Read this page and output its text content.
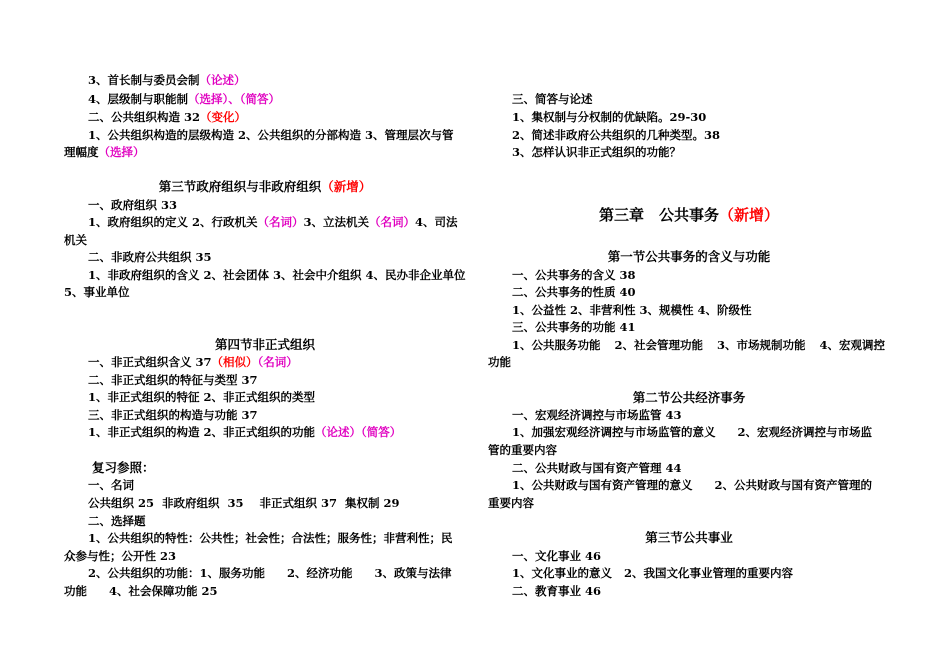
3、首长制与委员会制（论述）
4、层级制与职能制（选择）、（简答）
二、公共组织构造 32（变化）
1、公共组织构造的层级构造 2、公共组织的分部构造 3、管理层次与管
理幅度（选择）
第三节政府组织与非政府组织（新增）
一、政府组织 33
1、政府组织的定义 2、行政机关（名词）3、立法机关（名词）4、司法
机关
二、非政府公共组织 35
1、非政府组织的含义 2、社会团体 3、社会中介组织 4、民办非企业单位
5、事业单位
第四节非正式组织
一、非正式组织含义 37（相似）（名词）
二、非正式组织的特征与类型 37
1、非正式组织的特征 2、非正式组织的类型
三、非正式组织的构造与功能 37
1、非正式组织的构造 2、非正式组织的功能（论述）（简答）
复习参照：
一、名词
公共组织 25  非政府组织  35    非正式组织 37  集权制 29
二、选择题
1、公共组织的特性：公共性；社会性；合法性；服务性；非营利性；民
众参与性；公开性 23
2、公共组织的功能：1、服务功能 2、经济功能 3、政策与法律
功能 4、社会保障功能 25
三、简答与论述
1、集权制与分权制的优缺陷。29-30
2、简述非政府公共组织的几种类型。38
3、怎样认识非正式组织的功能？
第三章　公共事务（新增）
第一节公共事务的含义与功能
一、公共事务的含义 38
二、公共事务的性质 40
1、公益性 2、非营利性 3、规模性 4、阶级性
三、公共事务的功能 41
1、公共服务功能 2、社会管理功能 3、市场规制功能 4、宏观调控
功能
第二节公共经济事务
一、宏观经济调控与市场监管 43
1、加强宏观经济调控与市场监管的意义 2、宏观经济调控与市场监
管的重要内容
二、公共财政与国有资产管理 44
1、公共财政与国有资产管理的意义 2、公共财政与国有资产管理的
重要内容
第三节公共事业
一、文化事业 46
1、文化事业的意义   2、我国文化事业管理的重要内容
二、教育事业 46
